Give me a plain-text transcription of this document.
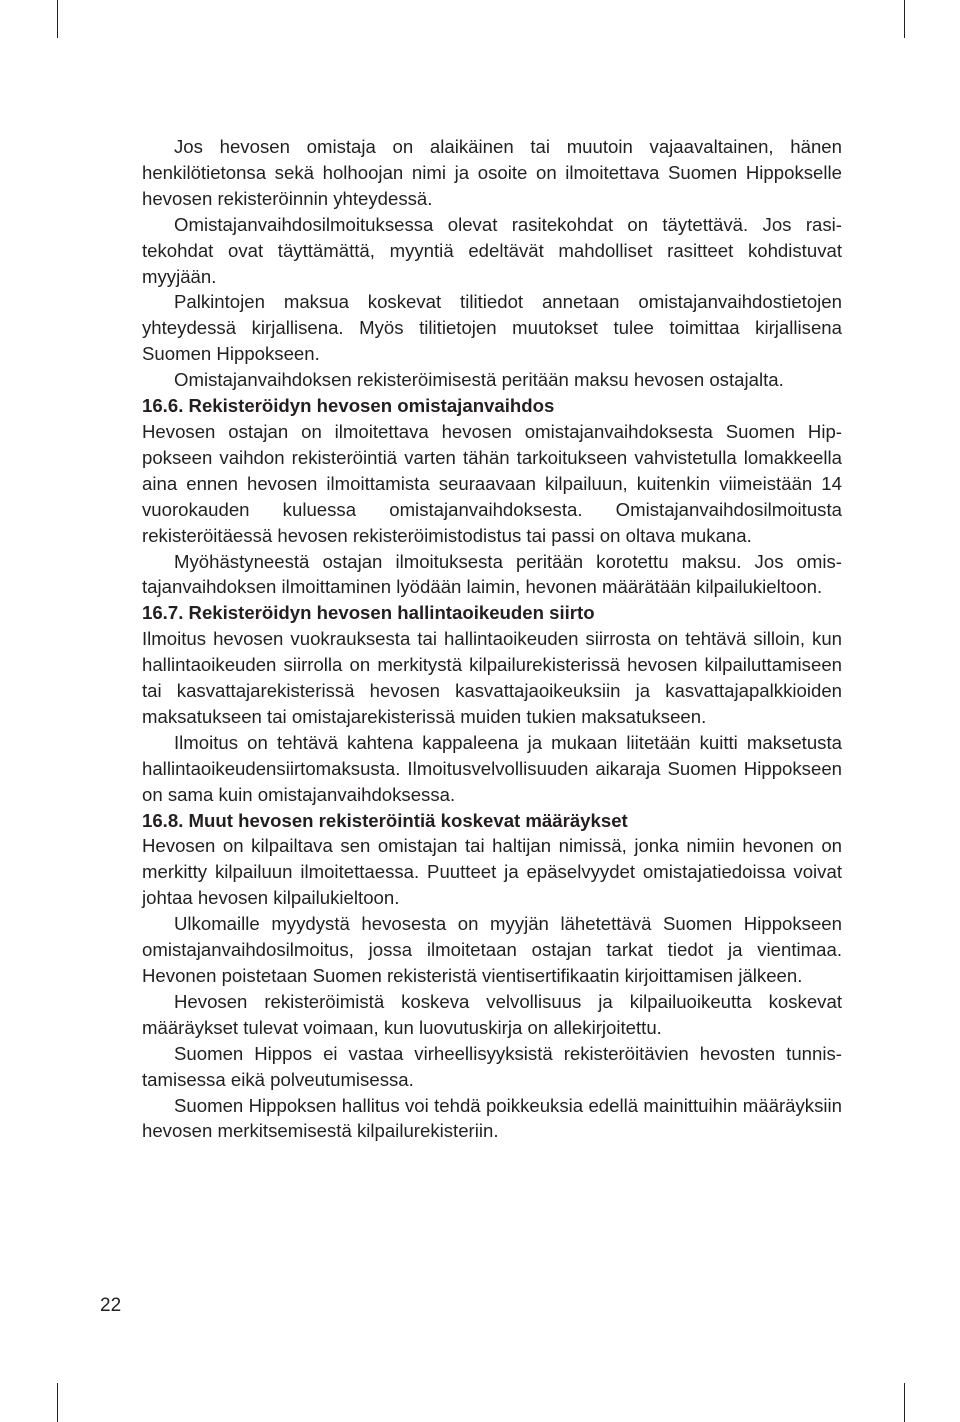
Jos hevosen omistaja on alaikäinen tai muutoin vajaavaltainen, hänen henkilötietonsa sekä holhoojan nimi ja osoite on ilmoitettava Suomen Hippokselle hevosen rekisteröinnin yhteydessä.

Omistajanvaihdosilmoituksessa olevat rasitekohdat on täytettävä. Jos rasitekohdat ovat täyttämättä, myyntiä edeltävät mahdolliset rasitteet kohdistuvat myyjään.

Palkintojen maksua koskevat tilitiedot annetaan omistajanvaihdostietojen yhteydessä kirjallisena. Myös tilitietojen muutokset tulee toimittaa kirjallisena Suomen Hippokseen.

Omistajanvaihdoksen rekisteröimisestä peritään maksu hevosen ostajalta.

16.6. Rekisteröidyn hevosen omistajanvaihdos

Hevosen ostajan on ilmoitettava hevosen omistajanvaihdoksesta Suomen Hippokseen vaihdon rekisteröintiä varten tähän tarkoitukseen vahvistetulla lomakkeella aina ennen hevosen ilmoittamista seuraavaan kilpailuun, kuitenkin viimeistään 14 vuorokauden kuluessa omistajanvaihdoksesta. Omistajanvaihdosilmoitusta rekisteröitäessä hevosen rekisteröimistodistus tai passi on oltava mukana.

Myöhästyneestä ostajan ilmoituksesta peritään korotettu maksu. Jos omistajanvaihdoksen ilmoittaminen lyödään laimin, hevonen määrätään kilpailukieltoon.

16.7. Rekisteröidyn hevosen hallintaoikeuden siirto

Ilmoitus hevosen vuokrauksesta tai hallintaoikeuden siirrosta on tehtävä silloin, kun hallintaoikeuden siirrolla on merkitystä kilpailurekisterissä hevosen kilpailuttamiseen tai kasvattajarekisterissä hevosen kasvattajaoikeuksiin ja kasvattajapalkkioiden maksatukseen tai omistajarekisterissä muiden tukien maksatukseen.

Ilmoitus on tehtävä kahtena kappaleena ja mukaan liitetään kuitti maksetusta hallintaoikeudensiirtomaksusta. Ilmoitusvelvollisuuden aikaraja Suomen Hippokseen on sama kuin omistajanvaihdoksessa.

16.8. Muut hevosen rekisteröintiä koskevat määräykset

Hevosen on kilpailtava sen omistajan tai haltijan nimissä, jonka nimiin hevonen on merkitty kilpailuun ilmoitettaessa. Puutteet ja epäselvyydet omistajatiedoissa voivat johtaa hevosen kilpailukieltoon.

Ulkomaille myydystä hevosesta on myyjän lähetettävä Suomen Hippokseen omistajanvaihdosilmoitus, jossa ilmoitetaan ostajan tarkat tiedot ja vientimaa. Hevonen poistetaan Suomen rekisteristä vientisertifikaatin kirjoittamisen jälkeen.

Hevosen rekisteröimistä koskeva velvollisuus ja kilpailuoikeutta koskevat määräykset tulevat voimaan, kun luovutuskirja on allekirjoitettu.

Suomen Hippos ei vastaa virheellisyyksistä rekisteröitävien hevosten tunnistamisessa eikä polveutumisessa.

Suomen Hippoksen hallitus voi tehdä poikkeuksia edellä mainittuihin määräyksiin hevosen merkitsemisestä kilpailurekisteriin.

22
